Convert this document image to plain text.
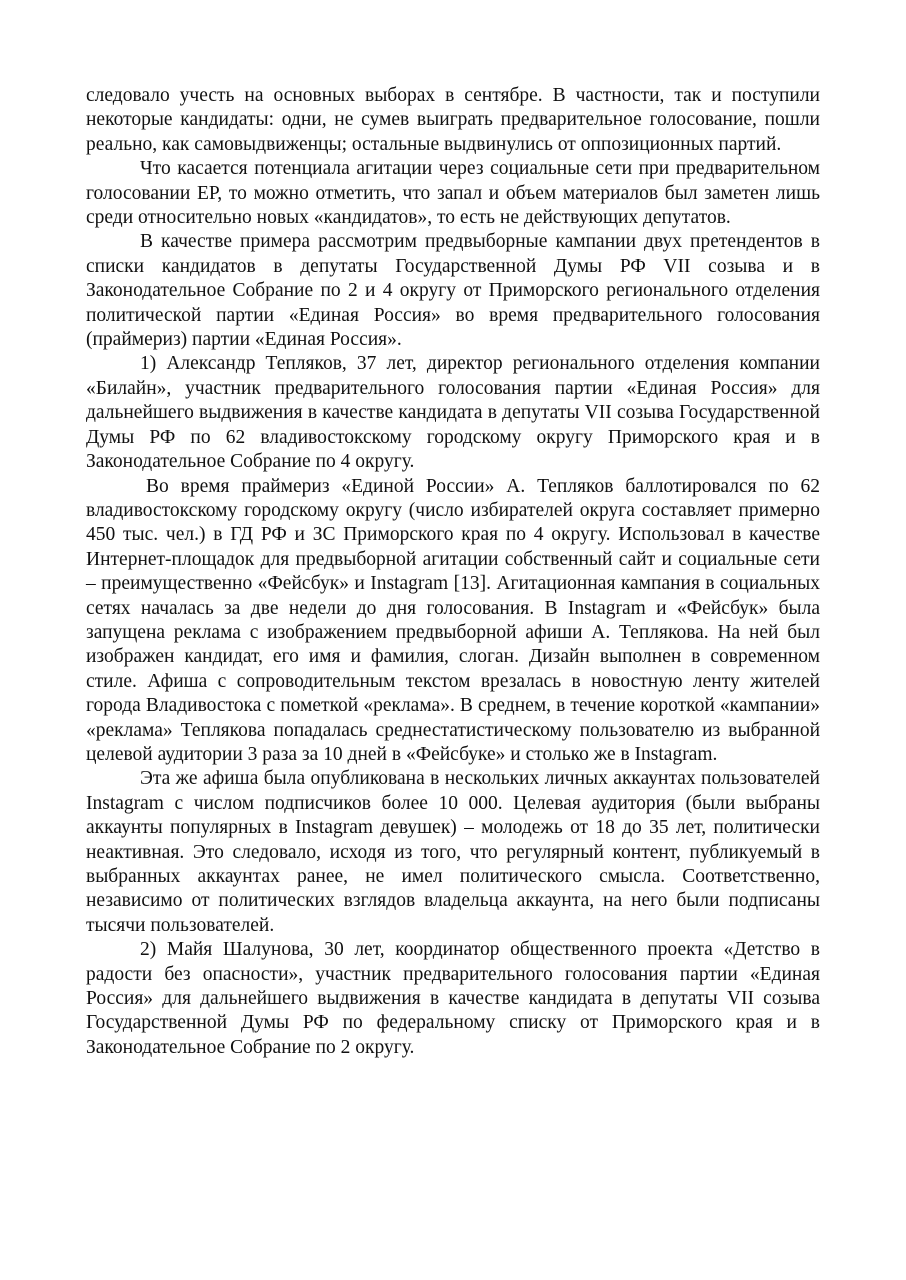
следовало учесть на основных выборах в сентябре. В частности, так и поступили некоторые кандидаты: одни, не сумев выиграть предварительное голосование, пошли реально, как самовыдвиженцы; остальные выдвинулись от оппозиционных партий.

Что касается потенциала агитации через социальные сети при предварительном голосовании ЕР, то можно отметить, что запал и объем материалов был заметен лишь среди относительно новых «кандидатов», то есть не действующих депутатов.

В качестве примера рассмотрим предвыборные кампании двух претендентов в списки кандидатов в депутаты Государственной Думы РФ VII созыва и в Законодательное Собрание по 2 и 4 округу от Приморского регионального отделения политической партии «Единая Россия» во время предварительного голосования (праймериз) партии «Единая Россия».

1) Александр Тепляков, 37 лет, директор регионального отделения компании «Билайн», участник предварительного голосования партии «Единая Россия» для дальнейшего выдвижения в качестве кандидата в депутаты VII созыва Государственной Думы РФ по 62 владивостокскому городскому округу Приморского края и в Законодательное Собрание по 4 округу.

Во время праймериз «Единой России» А. Тепляков баллотировался по 62 владивостокскому городскому округу (число избирателей округа составляет примерно 450 тыс. чел.) в ГД РФ и ЗС Приморского края по 4 округу. Использовал в качестве Интернет-площадок для предвыборной агитации собственный сайт и социальные сети – преимущественно «Фейсбук» и Instagram [13]. Агитационная кампания в социальных сетях началась за две недели до дня голосования. В Instagram и «Фейсбук» была запущена реклама с изображением предвыборной афиши А. Теплякова. На ней был изображен кандидат, его имя и фамилия, слоган. Дизайн выполнен в современном стиле. Афиша с сопроводительным текстом врезалась в новостную ленту жителей города Владивостока с пометкой «реклама». В среднем, в течение короткой «кампании» «реклама» Теплякова попадалась среднестатистическому пользователю из выбранной целевой аудитории 3 раза за 10 дней в «Фейсбуке» и столько же в Instagram.

Эта же афиша была опубликована в нескольких личных аккаунтах пользователей Instagram с числом подписчиков более 10 000. Целевая аудитория (были выбраны аккаунты популярных в Instagram девушек) – молодежь от 18 до 35 лет, политически неактивная. Это следовало, исходя из того, что регулярный контент, публикуемый в выбранных аккаунтах ранее, не имел политического смысла. Соответственно, независимо от политических взглядов владельца аккаунта, на него были подписаны тысячи пользователей.

2) Майя Шалунова, 30 лет, координатор общественного проекта «Детство в радости без опасности», участник предварительного голосования партии «Единая Россия» для дальнейшего выдвижения в качестве кандидата в депутаты VII созыва Государственной Думы РФ по федеральному списку от Приморского края и в Законодательное Собрание по 2 округу.
